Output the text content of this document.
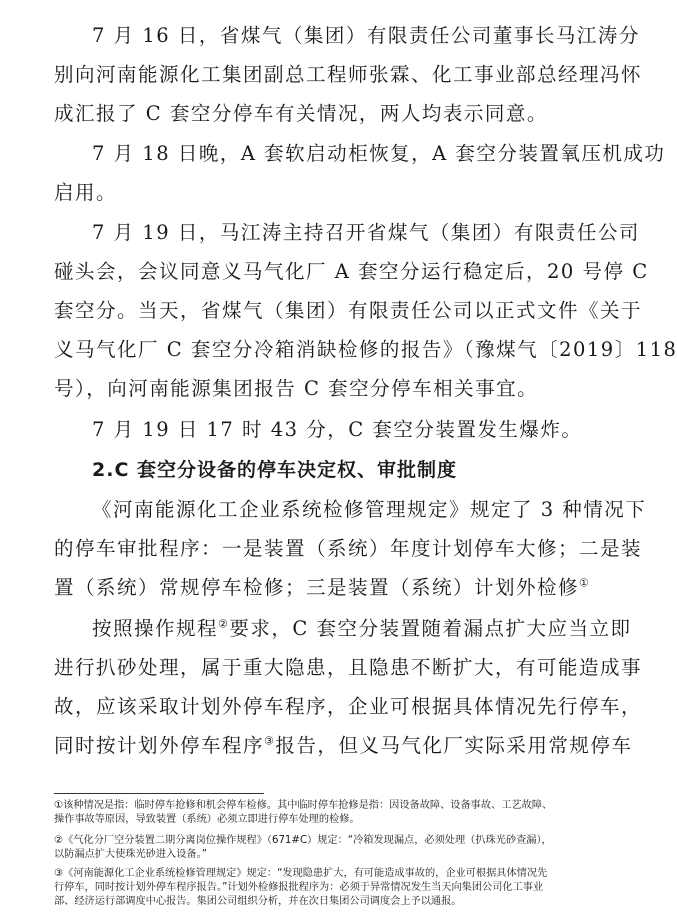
7 月 16 日，省煤气（集团）有限责任公司董事长马江涛分
别向河南能源化工集团副总工程师张霖、化工事业部总经理冯怀
成汇报了 C 套空分停车有关情况，两人均表示同意。
7 月 18 日晚，A 套软启动柜恢复，A 套空分装置氧压机成功
启用。
7 月 19 日，马江涛主持召开省煤气（集团）有限责任公司
碰头会，会议同意义马气化厂 A 套空分运行稳定后，20 号停 C
套空分。当天，省煤气（集团）有限责任公司以正式文件《关于
义马气化厂 C 套空分冷箱消缺检修的报告》（豫煤气〔2019〕118
号），向河南能源集团报告 C 套空分停车相关事宜。
7 月 19 日 17 时 43 分，C 套空分装置发生爆炸。
2.C 套空分设备的停车决定权、审批制度
《河南能源化工企业系统检修管理规定》规定了 3 种情况下
的停车审批程序：一是装置（系统）年度计划停车大修；二是装
置（系统）常规停车检修；三是装置（系统）计划外检修①
按照操作规程②要求，C 套空分装置随着漏点扩大应当立即
进行扒砂处理，属于重大隐患，且隐患不断扩大，有可能造成事
故，应该采取计划外停车程序，企业可根据具体情况先行停车，
同时按计划外停车程序③报告，但义马气化厂实际采用常规停车
①该种情况是指：临时停车抢修和机会停车检修。其中临时停车抢修是指：因设备故障、设备事故、工艺故障、
操作事故等原因，导致装置（系统）必须立即进行停车处理的检修。
②《气化分厂空分装置二期分离岗位操作规程》（671#C）规定：“冷箱发现漏点，必须处理（扒珠光砂查漏），
以防漏点扩大使珠光砂进入设备。”
③《河南能源化工企业系统检修管理规定》规定：“发现隐患扩大，有可能造成事故的，企业可根据具体情况先
行停车，同时按计划外停车程序报告。”计划外检修报批程序为：必须于异常情况发生当天向集团公司化工事业
部、经济运行部调度中心报告。集团公司组织分析，并在次日集团公司调度会上予以通报。
